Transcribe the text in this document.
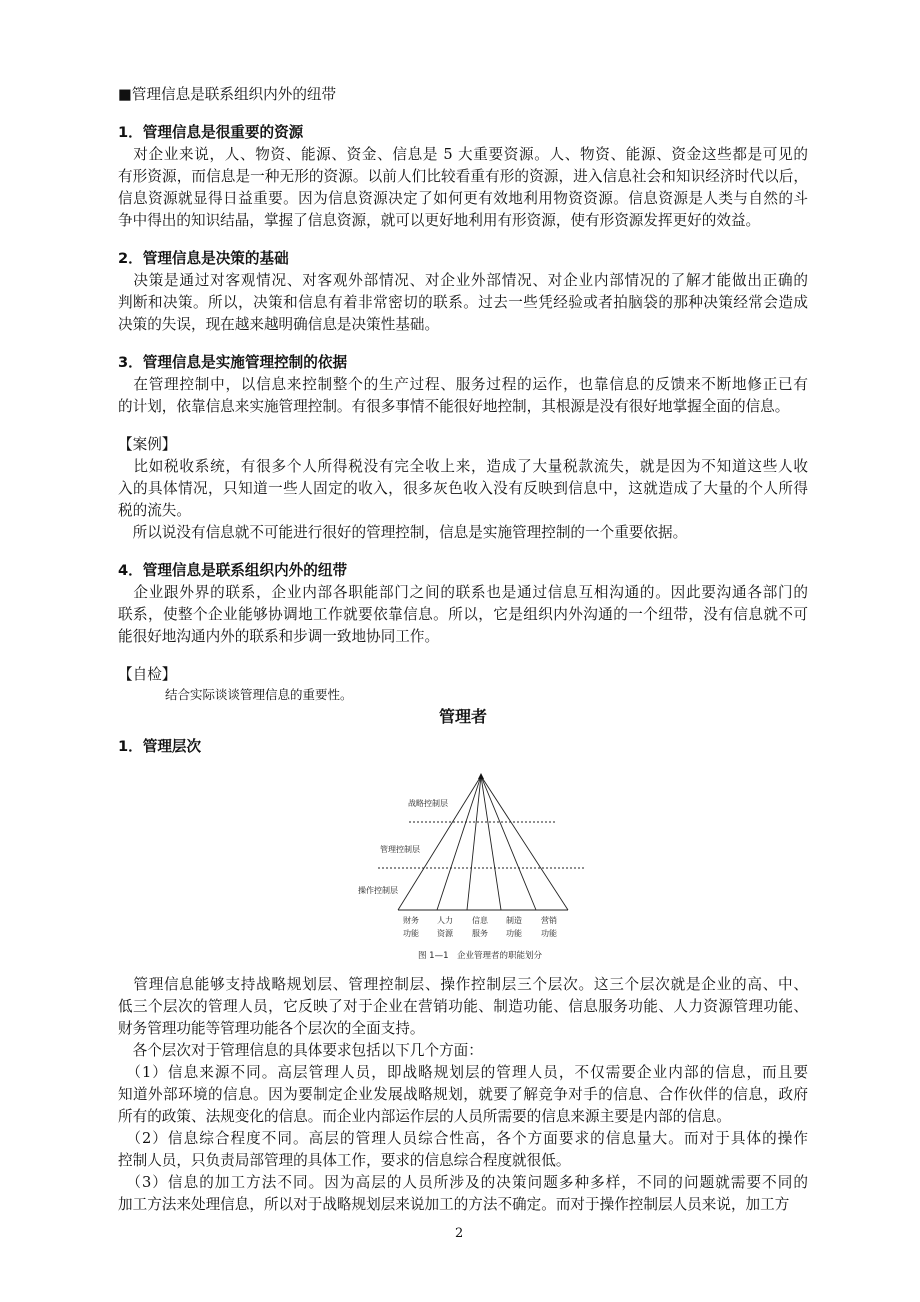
■管理信息是联系组织内外的纽带
1．管理信息是很重要的资源
　对企业来说，人、物资、能源、资金、信息是 5 大重要资源。人、物资、能源、资金这些都是可见的
有形资源，而信息是一种无形的资源。以前人们比较看重有形的资源，进入信息社会和知识经济时代以后，
信息资源就显得日益重要。因为信息资源决定了如何更有效地利用物资资源。信息资源是人类与自然的斗
争中得出的知识结晶，掌握了信息资源，就可以更好地利用有形资源，使有形资源发挥更好的效益。
2．管理信息是决策的基础
　决策是通过对客观情况、对客观外部情况、对企业外部情况、对企业内部情况的了解才能做出正确的
判断和决策。所以，决策和信息有着非常密切的联系。过去一些凭经验或者拍脑袋的那种决策经常会造成
决策的失误，现在越来越明确信息是决策性基础。
3．管理信息是实施管理控制的依据
　在管理控制中，以信息来控制整个的生产过程、服务过程的运作，也靠信息的反馈来不断地修正已有
的计划，依靠信息来实施管理控制。有很多事情不能很好地控制，其根源是没有很好地掌握全面的信息。
【案例】
　比如税收系统，有很多个人所得税没有完全收上来，造成了大量税款流失，就是因为不知道这些人收
入的具体情况，只知道一些人固定的收入，很多灰色收入没有反映到信息中，这就造成了大量的个人所得
税的流失。
　所以说没有信息就不可能进行很好的管理控制，信息是实施管理控制的一个重要依据。
4．管理信息是联系组织内外的纽带
　企业跟外界的联系，企业内部各职能部门之间的联系也是通过信息互相沟通的。因此要沟通各部门的
联系，使整个企业能够协调地工作就要依靠信息。所以，它是组织内外沟通的一个纽带，没有信息就不可
能很好地沟通内外的联系和步调一致地协同工作。
【自检】
结合实际谈谈管理信息的重要性。
管理者
1．管理层次
　管理信息能够支持战略规划层、管理控制层、操作控制层三个层次。这三个层次就是企业的高、中、
低三个层次的管理人员，它反映了对于企业在营销功能、制造功能、信息服务功能、人力资源管理功能、
财务管理功能等管理功能各个层次的全面支持。
　各个层次对于管理信息的具体要求包括以下几个方面：
　（1）信息来源不同。高层管理人员，即战略规划层的管理人员，不仅需要企业内部的信息，而且要
知道外部环境的信息。因为要制定企业发展战略规划，就要了解竞争对手的信息、合作伙伴的信息，政府
所有的政策、法规变化的信息。而企业内部运作层的人员所需要的信息来源主要是内部的信息。
　（2）信息综合程度不同。高层的管理人员综合性高，各个方面要求的信息量大。而对于具体的操作
控制人员，只负责局部管理的具体工作，要求的信息综合程度就很低。
　（3）信息的加工方法不同。因为高层的人员所涉及的决策问题多种多样，不同的问题就需要不同的
加工方法来处理信息，所以对于战略规划层来说加工的方法不确定。而对于操作控制层人员来说，加工方
战略控制层
管理控制层
操作控制层
财务
功能
人力
资源
信息
服务
制造
功能
营销
功能
图 1—1　企业管理者的职能划分
2
